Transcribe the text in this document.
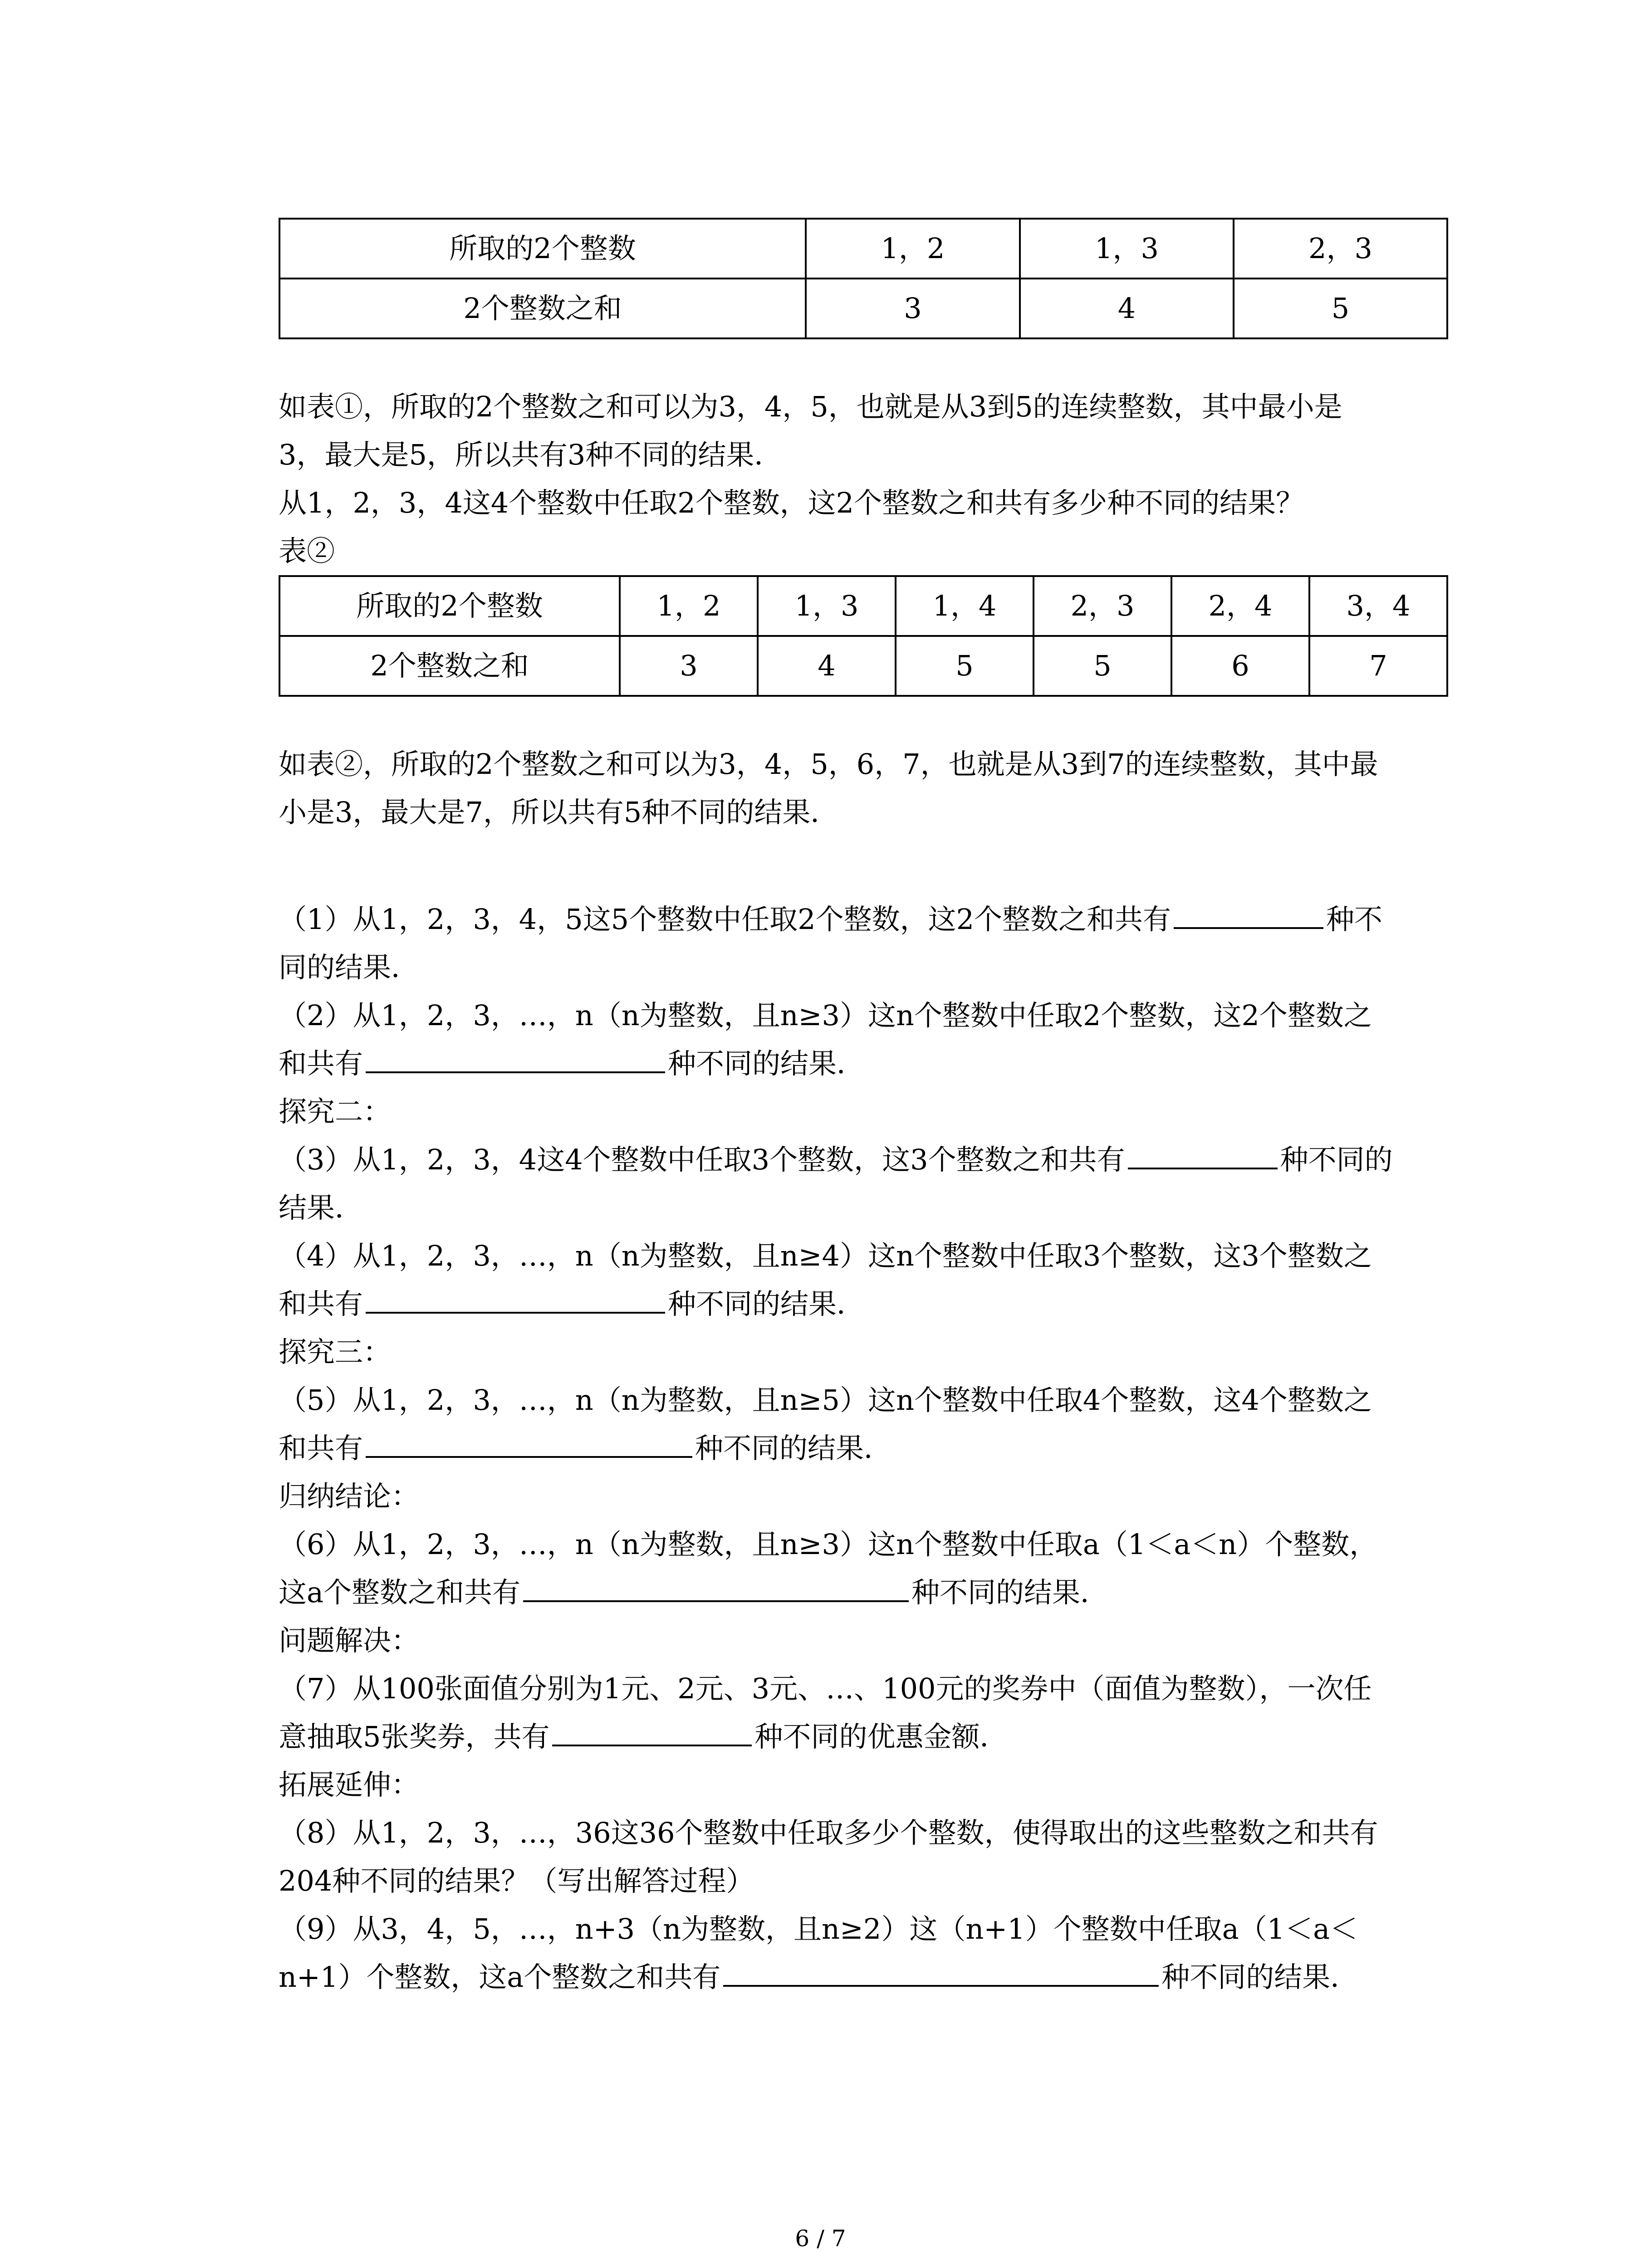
所取的2个整数	1，2	1，3	2，3
2个整数之和	3	4	5

如表①，所取的2个整数之和可以为3，4，5，也就是从3到5的连续整数，其中最小是
3，最大是5，所以共有3种不同的结果．
从1，2，3，4这4个整数中任取2个整数，这2个整数之和共有多少种不同的结果？
表②

所取的2个整数	1，2	1，3	1，4	2，3	2，4	3，4
2个整数之和	3	4	5	5	6	7

如表②，所取的2个整数之和可以为3，4，5，6，7，也就是从3到7的连续整数，其中最
小是3，最大是7，所以共有5种不同的结果．

（1）从1，2，3，4，5这5个整数中任取2个整数，这2个整数之和共有	种不
同的结果．

（2）从1，2，3，…，n（n为整数，且n≥3）这n个整数中任取2个整数，这2个整数之
和共有	种不同的结果．

探究二：

（3）从1，2，3，4这4个整数中任取3个整数，这3个整数之和共有	种不同的
结果．

（4）从1，2，3，…，n（n为整数，且n≥4）这n个整数中任取3个整数，这3个整数之
和共有	种不同的结果．

探究三：

（5）从1，2，3，…，n（n为整数，且n≥5）这n个整数中任取4个整数，这4个整数之
和共有	种不同的结果．

归纳结论：

（6）从1，2，3，…，n（n为整数，且n≥3）这n个整数中任取a（1＜a＜n）个整数，
这a个整数之和共有	种不同的结果．

问题解决：

（7）从100张面值分别为1元、2元、3元、…、100元的奖券中（面值为整数），一次任
意抽取5张奖券，共有	种不同的优惠金额．

拓展延伸：

（8）从1，2，3，…，36这36个整数中任取多少个整数，使得取出的这些整数之和共有
204种不同的结果？（写出解答过程）

（9）从3，4，5，…，n+3（n为整数，且n≥2）这（n+1）个整数中任取a（1＜a＜
n+1）个整数，这a个整数之和共有	种不同的结果．

6 / 7
